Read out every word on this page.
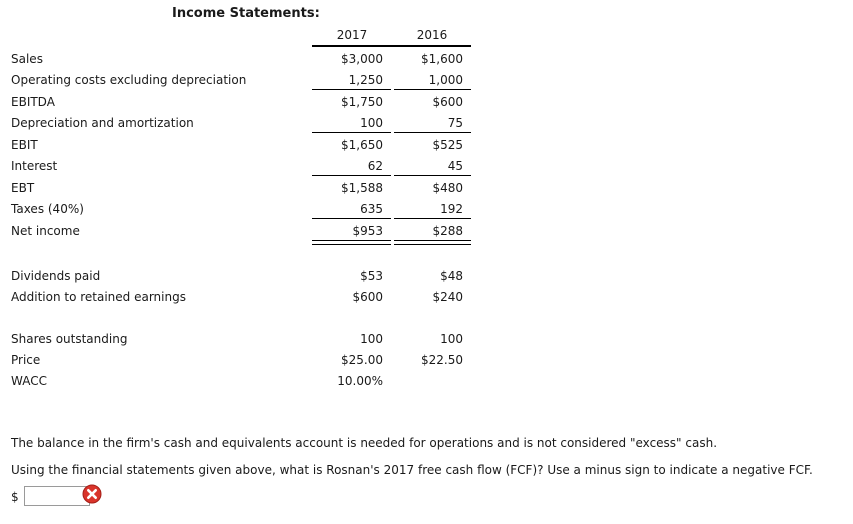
Income Statements:
2017	2016
Sales	$3,000	$1,600
Operating costs excluding depreciation	1,250	1,000
EBITDA	$1,750	$600
Depreciation and amortization	100	75
EBIT	$1,650	$525
Interest	62	45
EBT	$1,588	$480
Taxes (40%)	635	192
Net income	$953	$288
Dividends paid	$53	$48
Addition to retained earnings	$600	$240
Shares outstanding	100	100
Price	$25.00	$22.50
WACC	10.00%
The balance in the firm's cash and equivalents account is needed for operations and is not considered "excess" cash.
Using the financial statements given above, what is Rosnan's 2017 free cash flow (FCF)? Use a minus sign to indicate a negative FCF.
$
